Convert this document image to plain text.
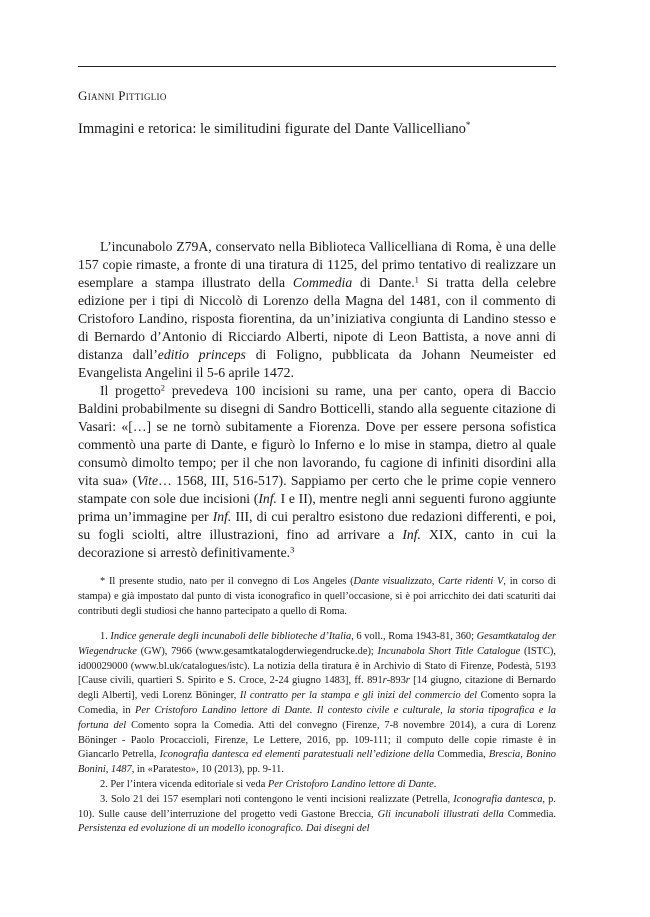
Gianni Pittiglio
Immagini e retorica: le similitudini figurate del Dante Vallicelliano*

L’incunabolo Z79A, conservato nella Biblioteca Vallicelliana di Roma, è una delle 157 copie rimaste, a fronte di una tiratura di 1125, del primo tentativo di realizzare un esemplare a stampa illustrato della Commedia di Dante.$^1$ Si tratta della celebre edizione per i tipi di Niccolò di Lorenzo della Magna del 1481, con il commento di Cristoforo Landino, risposta fiorentina, da un’iniziativa congiunta di Landino stesso e di Bernardo d’Antonio di Ricciardo Alberti, nipote di Leon Battista, a nove anni di distanza dall’editio princeps di Foligno, pubblicata da Johann Neumeister ed Evangelista Angelini il 5-6 aprile 1472.

Il progetto$^2$ prevedeva 100 incisioni su rame, una per canto, opera di Baccio Baldini probabilmente su disegni di Sandro Botticelli, stando alla seguente citazione di Vasari: «[…] se ne tornò subitamente a Fiorenza. Dove per essere persona sofistica commentò una parte di Dante, e figurò lo Inferno e lo mise in stampa, dietro al quale consumò dimolto tempo; per il che non lavorando, fu cagione di infiniti disordini alla vita sua» (Vite… 1568, III, 516-517). Sappiamo per certo che le prime copie vennero stampate con sole due incisioni (Inf. I e II), mentre negli anni seguenti furono aggiunte prima un’immagine per Inf. III, di cui peraltro esistono due redazioni differenti, e poi, su fogli sciolti, altre illustrazioni, fino ad arrivare a Inf. XIX, canto in cui la decorazione si arrestò definitivamente.$^3$

* Il presente studio, nato per il convegno di Los Angeles (Dante visualizzato, Carte ridenti V, in corso di stampa) e già impostato dal punto di vista iconografico in quell’occasione, si è poi arricchito dei dati scaturiti dai contributi degli studiosi che hanno partecipato a quello di Roma.

1. Indice generale degli incunaboli delle biblioteche d’Italia, 6 voll., Roma 1943-81, 360; Gesamtkatalog der Wiegendrucke (GW), 7966 (www.gesamtkatalogderwiegendrucke.de); Incunabola Short Title Catalogue (ISTC), id00029000 (www.bl.uk/catalogues/istc). La notizia della tiratura è in Archivio di Stato di Firenze, Podestà, 5193 [Cause civili, quartieri S. Spirito e S. Croce, 2-24 giugno 1483], ff. 891r-893r [14 giugno, citazione di Bernardo degli Alberti], vedi Lorenz Böninger, Il contratto per la stampa e gli inizi del commercio del Comento sopra la Comedia, in Per Cristoforo Landino lettore di Dante. Il contesto civile e culturale, la storia tipografica e la fortuna del Comento sopra la Comedia. Atti del convegno (Firenze, 7-8 novembre 2014), a cura di Lorenz Böninger - Paolo Procaccioli, Firenze, Le Lettere, 2016, pp. 109-111; il computo delle copie rimaste è in Giancarlo Petrella, Iconografia dantesca ed elementi paratestuali nell’edizione della Commedia, Brescia, Bonino Bonini, 1487, in «Paratesto», 10 (2013), pp. 9-11.

2. Per l’intera vicenda editoriale si veda Per Cristoforo Landino lettore di Dante.

3. Solo 21 dei 157 esemplari noti contengono le venti incisioni realizzate (Petrella, Iconografia dantesca, p. 10). Sulle cause dell’interruzione del progetto vedi Gastone Breccia, Gli incunaboli illustrati della Commedia. Persistenza ed evoluzione di un modello iconografico. Dai disegni del
